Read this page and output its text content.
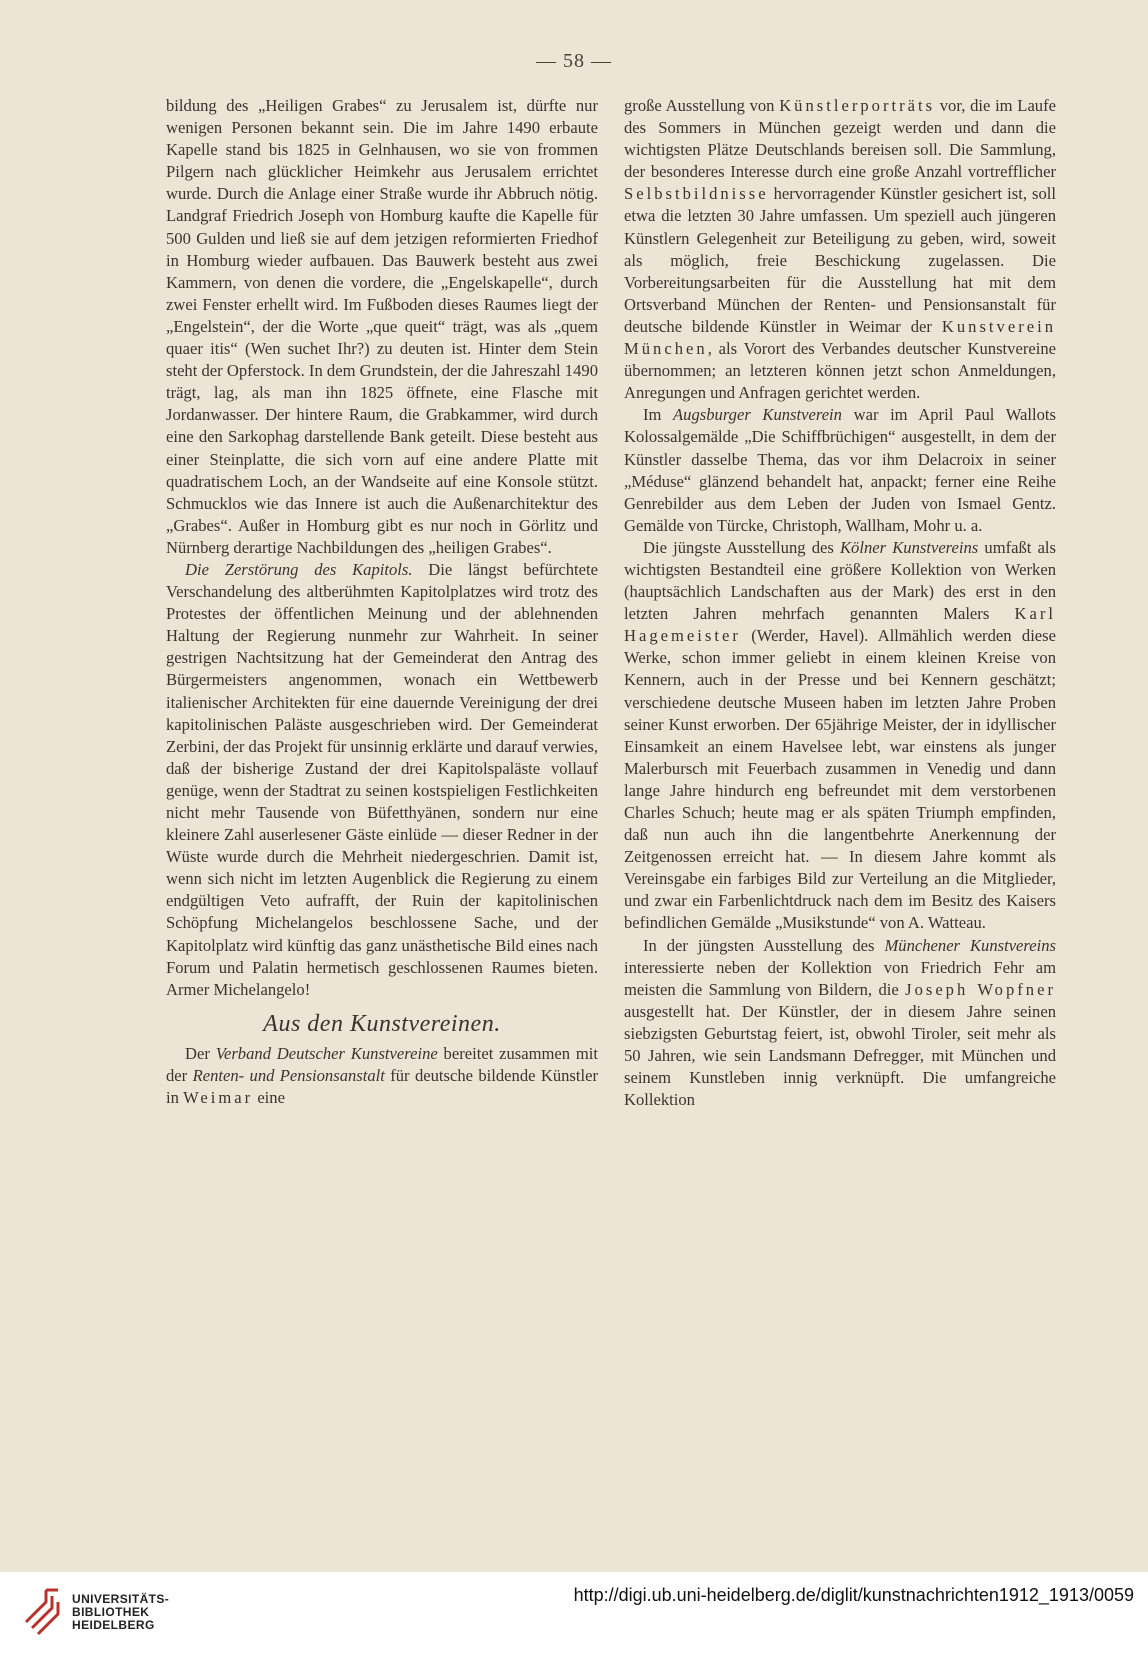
— 58 —

bildung des „Heiligen Grabes“ zu Jerusalem ist, dürfte nur wenigen Personen bekannt sein. Die im Jahre 1490 erbaute Kapelle stand bis 1825 in Gelnhausen, wo sie von frommen Pilgern nach glücklicher Heimkehr aus Jerusalem errichtet wurde. Durch die Anlage einer Straße wurde ihr Abbruch nötig. Landgraf Friedrich Joseph von Homburg kaufte die Kapelle für 500 Gulden und ließ sie auf dem jetzigen reformierten Friedhof in Homburg wieder aufbauen. Das Bauwerk besteht aus zwei Kammern, von denen die vordere, die „Engelskapelle“, durch zwei Fenster erhellt wird. Im Fußboden dieses Raumes liegt der „Engelstein“, der die Worte „que queit“ trägt, was als „quem quaer itis“ (Wen suchet Ihr?) zu deuten ist. Hinter dem Stein steht der Opferstock. In dem Grundstein, der die Jahreszahl 1490 trägt, lag, als man ihn 1825 öffnete, eine Flasche mit Jordanwasser. Der hintere Raum, die Grabkammer, wird durch eine den Sarkophag darstellende Bank geteilt. Diese besteht aus einer Steinplatte, die sich vorn auf eine andere Platte mit quadratischem Loch, an der Wandseite auf eine Konsole stützt. Schmucklos wie das Innere ist auch die Außenarchitektur des „Grabes“. Außer in Homburg gibt es nur noch in Görlitz und Nürnberg derartige Nachbildungen des „heiligen Grabes“.

Die Zerstörung des Kapitols. Die längst befürchtete Verschandelung des altberühmten Kapitolplatzes wird trotz des Protestes der öffentlichen Meinung und der ablehnenden Haltung der Regierung nunmehr zur Wahrheit. In seiner gestrigen Nachtsitzung hat der Gemeinderat den Antrag des Bürgermeisters angenommen, wonach ein Wettbewerb italienischer Architekten für eine dauernde Vereinigung der drei kapitolinischen Paläste ausgeschrieben wird. Der Gemeinderat Zerbini, der das Projekt für unsinnig erklärte und darauf verwies, daß der bisherige Zustand der drei Kapitolspaläste vollauf genüge, wenn der Stadtrat zu seinen kostspieligen Festlichkeiten nicht mehr Tausende von Büfetthyänen, sondern nur eine kleinere Zahl auserlesener Gäste einlüde — dieser Redner in der Wüste wurde durch die Mehrheit niedergeschrien. Damit ist, wenn sich nicht im letzten Augenblick die Regierung zu einem endgültigen Veto aufrafft, der Ruin der kapitolinischen Schöpfung Michelangelos beschlossene Sache, und der Kapitolplatz wird künftig das ganz unästhetische Bild eines nach Forum und Palatin hermetisch geschlossenen Raumes bieten. Armer Michelangelo!

Aus den Kunstvereinen.

Der Verband Deutscher Kunstvereine bereitet zusammen mit der Renten- und Pensionsanstalt für deutsche bildende Künstler in Weimar eine

große Ausstellung von Künstlerporträts vor, die im Laufe des Sommers in München gezeigt werden und dann die wichtigsten Plätze Deutschlands bereisen soll. Die Sammlung, der besonderes Interesse durch eine große Anzahl vortrefflicher Selbstbildnisse hervorragender Künstler gesichert ist, soll etwa die letzten 30 Jahre umfassen. Um speziell auch jüngeren Künstlern Gelegenheit zur Beteiligung zu geben, wird, soweit als möglich, freie Beschickung zugelassen. Die Vorbereitungsarbeiten für die Ausstellung hat mit dem Ortsverband München der Renten- und Pensionsanstalt für deutsche bildende Künstler in Weimar der Kunstverein München, als Vorort des Verbandes deutscher Kunstvereine übernommen; an letzteren können jetzt schon Anmeldungen, Anregungen und Anfragen gerichtet werden.

Im Augsburger Kunstverein war im April Paul Wallots Kolossalgemälde „Die Schiffbrüchigen“ ausgestellt, in dem der Künstler dasselbe Thema, das vor ihm Delacroix in seiner „Méduse“ glänzend behandelt hat, anpackt; ferner eine Reihe Genrebilder aus dem Leben der Juden von Ismael Gentz. Gemälde von Türcke, Christoph, Wallham, Mohr u. a.

Die jüngste Ausstellung des Kölner Kunstvereins umfaßt als wichtigsten Bestandteil eine größere Kollektion von Werken (hauptsächlich Landschaften aus der Mark) des erst in den letzten Jahren mehrfach genannten Malers Karl Hagemeister (Werder, Havel). Allmählich werden diese Werke, schon immer geliebt in einem kleinen Kreise von Kennern, auch in der Presse und bei Kennern geschätzt; verschiedene deutsche Museen haben im letzten Jahre Proben seiner Kunst erworben. Der 65jährige Meister, der in idyllischer Einsamkeit an einem Havelsee lebt, war einstens als junger Malerbursch mit Feuerbach zusammen in Venedig und dann lange Jahre hindurch eng befreundet mit dem verstorbenen Charles Schuch; heute mag er als späten Triumph empfinden, daß nun auch ihn die langentbehrte Anerkennung der Zeitgenossen erreicht hat. — In diesem Jahre kommt als Vereinsgabe ein farbiges Bild zur Verteilung an die Mitglieder, und zwar ein Farbenlichtdruck nach dem im Besitz des Kaisers befindlichen Gemälde „Musikstunde“ von A. Watteau.

In der jüngsten Ausstellung des Münchener Kunstvereins interessierte neben der Kollektion von Friedrich Fehr am meisten die Sammlung von Bildern, die Joseph Wopfner ausgestellt hat. Der Künstler, der in diesem Jahre seinen siebzigsten Geburtstag feiert, ist, obwohl Tiroler, seit mehr als 50 Jahren, wie sein Landsmann Defregger, mit München und seinem Kunstleben innig verknüpft. Die umfangreiche Kollektion

UNIVERSITÄTS-
BIBLIOTHEK
HEIDELBERG
http://digi.ub.uni-heidelberg.de/diglit/kunstnachrichten1912_1913/0059
